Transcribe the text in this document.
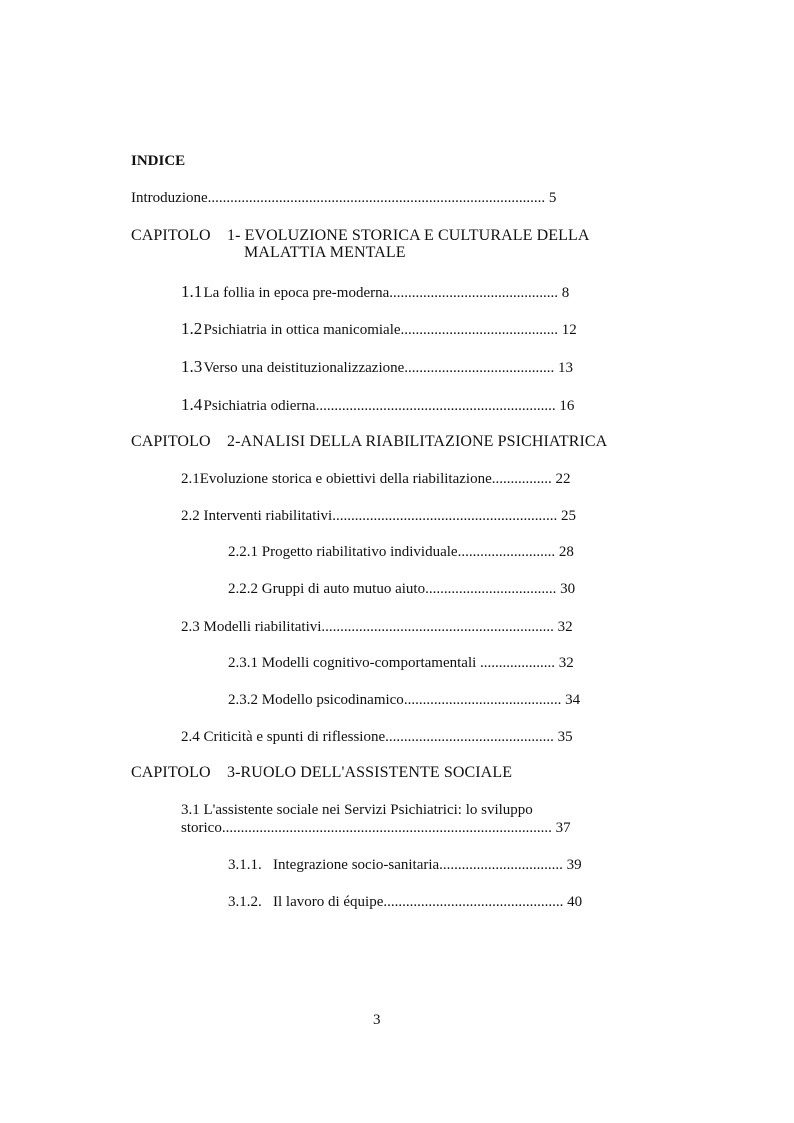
INDICE
Introduzione.......................................................................................... 5
CAPITOLO 1- EVOLUZIONE STORICA E CULTURALE DELLA
MALATTIA MENTALE
1.1 La follia in epoca pre-moderna............................................. 8
1.2 Psichiatria in ottica manicomiale.......................................... 12
1.3 Verso una deistituzionalizzazione........................................ 13
1.4 Psichiatria odierna................................................................ 16
CAPITOLO 2-ANALISI DELLA RIABILITAZIONE PSICHIATRICA
2.1Evoluzione storica e obiettivi della riabilitazione................ 22
2.2 Interventi riabilitativi............................................................ 25
2.2.1 Progetto riabilitativo individuale.......................... 28
2.2.2 Gruppi di auto mutuo aiuto................................... 30
2.3 Modelli riabilitativi.............................................................. 32
2.3.1 Modelli cognitivo-comportamentali .................... 32
2.3.2 Modello psicodinamico.......................................... 34
2.4 Criticità e spunti di riflessione............................................. 35
CAPITOLO 3-RUOLO DELL'ASSISTENTE SOCIALE
3.1 L'assistente sociale nei Servizi Psichiatrici: lo sviluppo
storico........................................................................................ 37
3.1.1. Integrazione socio-sanitaria................................. 39
3.1.2. Il lavoro di équipe................................................ 40
3
